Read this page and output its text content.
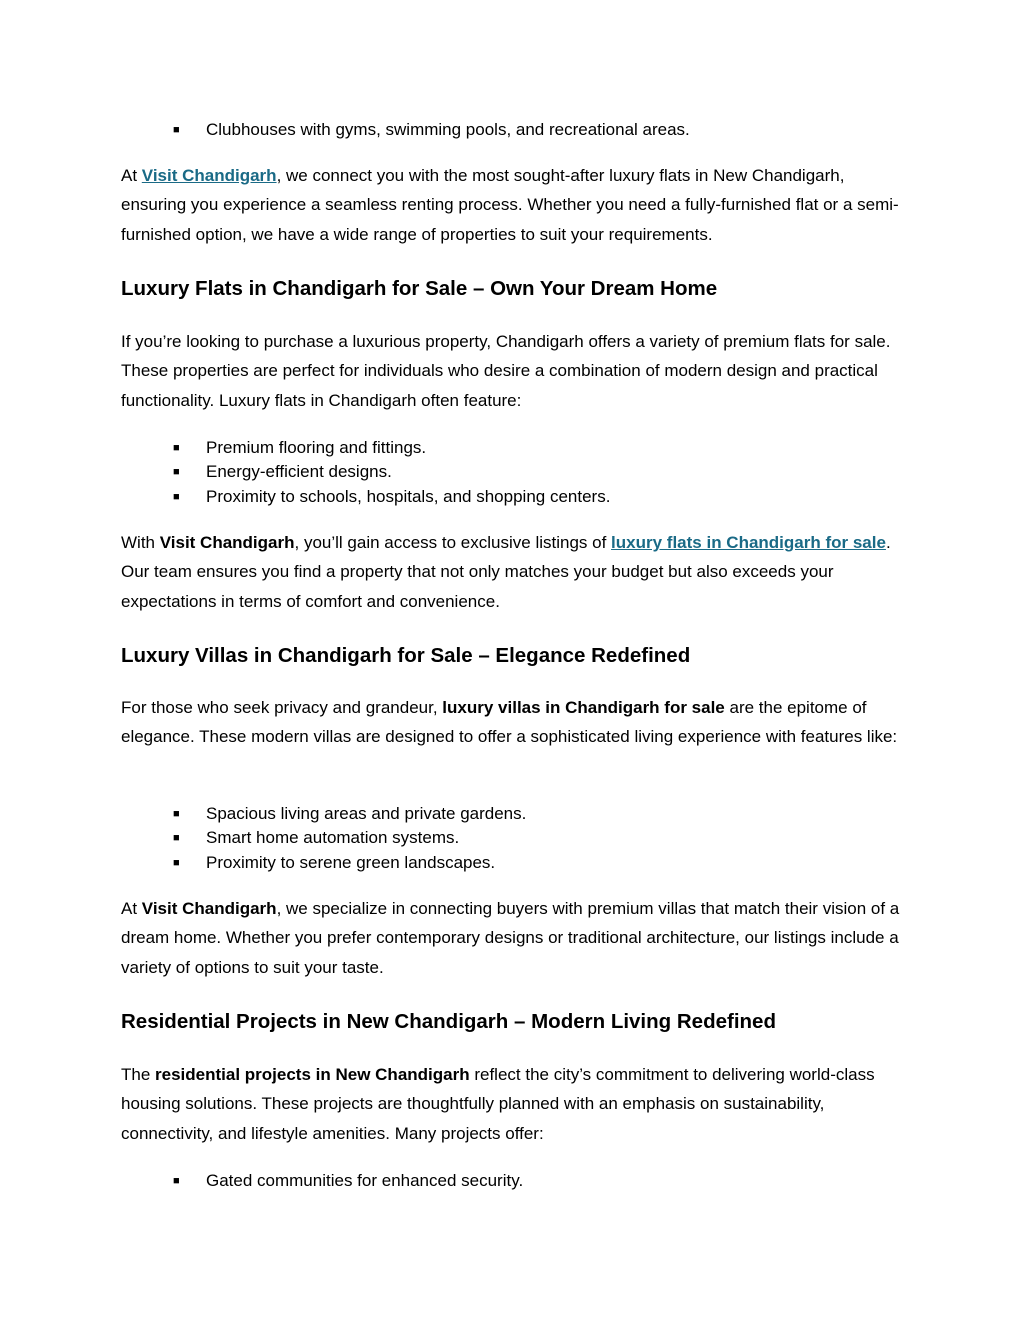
■ Clubhouses with gyms, swimming pools, and recreational areas.

At Visit Chandigarh, we connect you with the most sought-after luxury flats in New Chandigarh, ensuring you experience a seamless renting process. Whether you need a fully-furnished flat or a semi-furnished option, we have a wide range of properties to suit your requirements.

Luxury Flats in Chandigarh for Sale – Own Your Dream Home

If you’re looking to purchase a luxurious property, Chandigarh offers a variety of premium flats for sale. These properties are perfect for individuals who desire a combination of modern design and practical functionality. Luxury flats in Chandigarh often feature:

■ Premium flooring and fittings.
■ Energy-efficient designs.
■ Proximity to schools, hospitals, and shopping centers.

With Visit Chandigarh, you’ll gain access to exclusive listings of luxury flats in Chandigarh for sale. Our team ensures you find a property that not only matches your budget but also exceeds your expectations in terms of comfort and convenience.

Luxury Villas in Chandigarh for Sale – Elegance Redefined

For those who seek privacy and grandeur, luxury villas in Chandigarh for sale are the epitome of elegance. These modern villas are designed to offer a sophisticated living experience with features like:

■ Spacious living areas and private gardens.
■ Smart home automation systems.
■ Proximity to serene green landscapes.

At Visit Chandigarh, we specialize in connecting buyers with premium villas that match their vision of a dream home. Whether you prefer contemporary designs or traditional architecture, our listings include a variety of options to suit your taste.

Residential Projects in New Chandigarh – Modern Living Redefined

The residential projects in New Chandigarh reflect the city’s commitment to delivering world-class housing solutions. These projects are thoughtfully planned with an emphasis on sustainability, connectivity, and lifestyle amenities. Many projects offer:

■ Gated communities for enhanced security.
